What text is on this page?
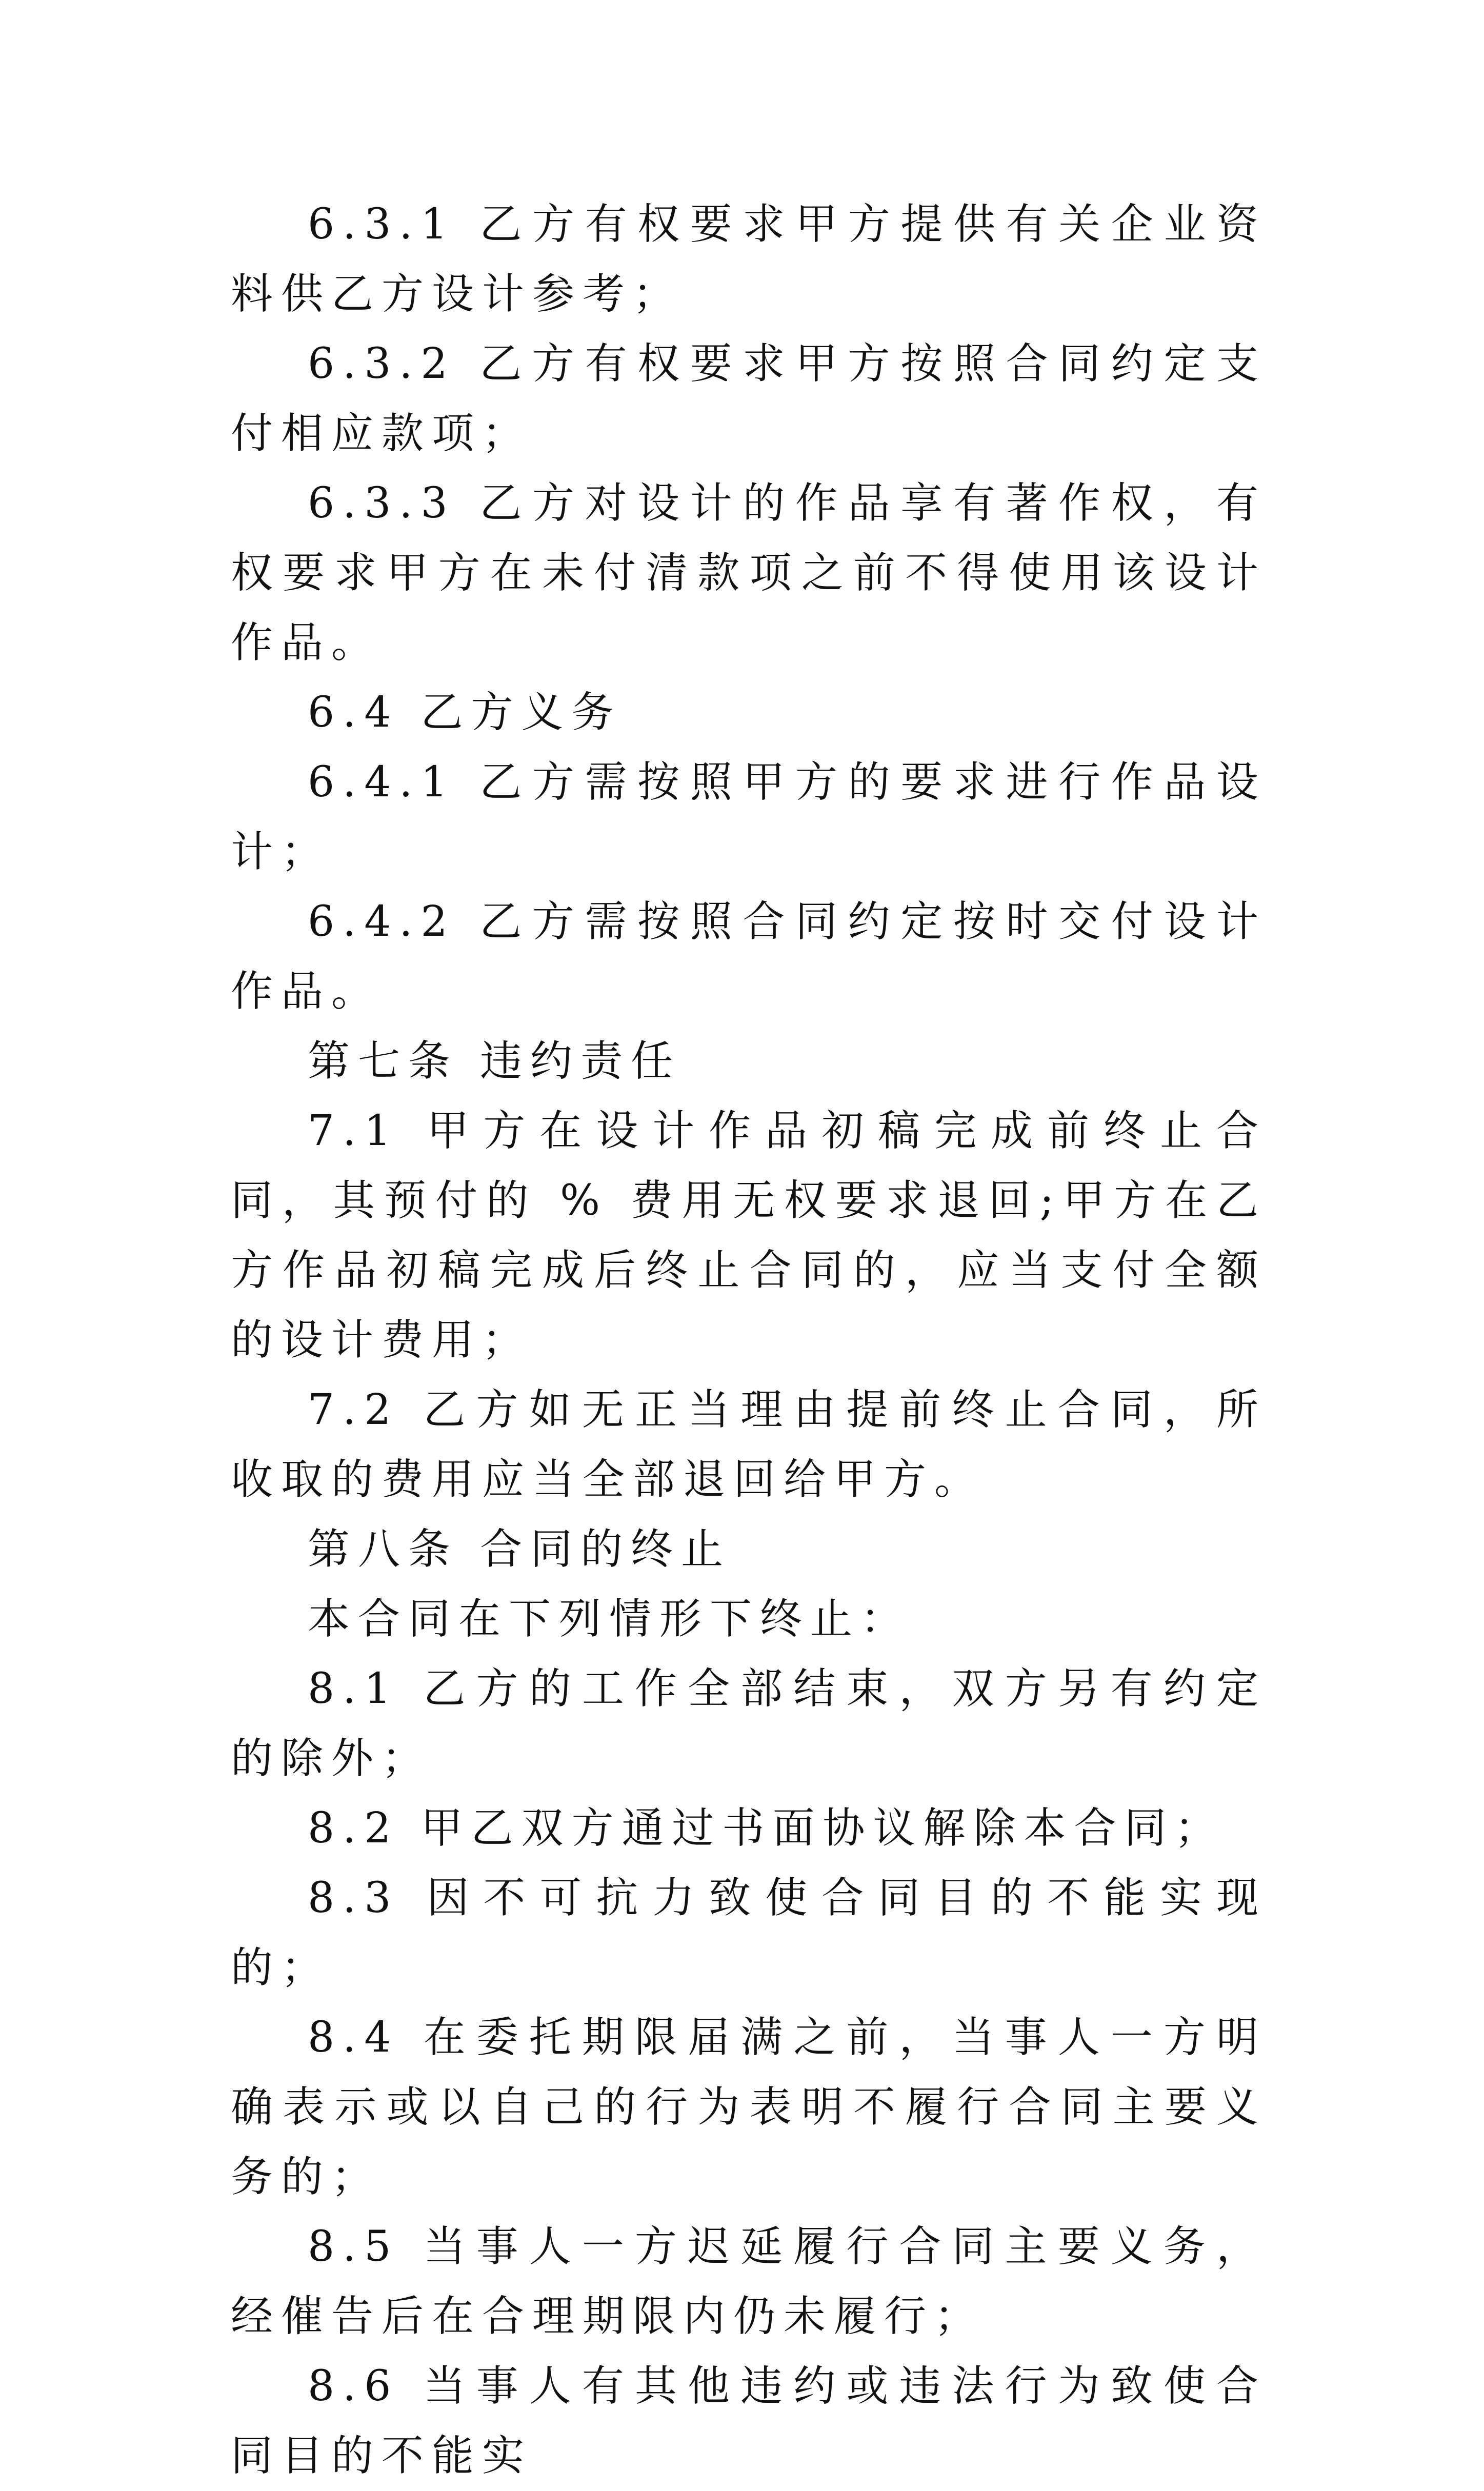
6.3.1 乙方有权要求甲方提供有关企业资料供乙方设计参考；

6.3.2 乙方有权要求甲方按照合同约定支付相应款项；

6.3.3 乙方对设计的作品享有著作权，有权要求甲方在未付清款项之前不得使用该设计作品。

6.4 乙方义务

6.4.1 乙方需按照甲方的要求进行作品设计；

6.4.2 乙方需按照合同约定按时交付设计作品。

第七条 违约责任

7.1 甲方在设计作品初稿完成前终止合同，其预付的 % 费用无权要求退回;甲方在乙方作品初稿完成后终止合同的，应当支付全额的设计费用；

7.2 乙方如无正当理由提前终止合同，所收取的费用应当全部退回给甲方。

第八条 合同的终止

本合同在下列情形下终止：

8.1 乙方的工作全部结束，双方另有约定的除外；

8.2 甲乙双方通过书面协议解除本合同；

8.3 因不可抗力致使合同目的不能实现的；

8.4 在委托期限届满之前，当事人一方明确表示或以自己的行为表明不履行合同主要义务的；

8.5 当事人一方迟延履行合同主要义务，经催告后在合理期限内仍未履行；

8.6 当事人有其他违约或违法行为致使合同目的不能实
